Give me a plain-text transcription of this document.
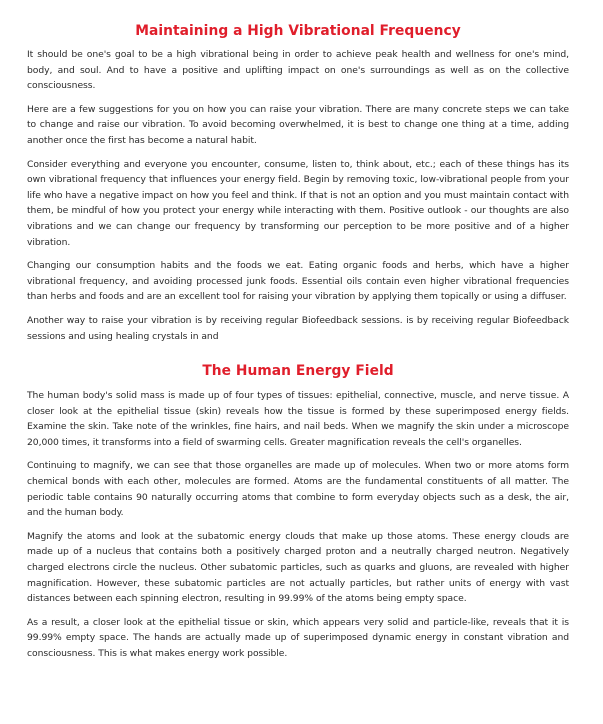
Maintaining a High Vibrational Frequency

It should be one's goal to be a high vibrational being in order to achieve peak health and wellness for one's mind, body, and soul. And to have a positive and uplifting impact on one's surroundings as well as on the collective consciousness.

Here are a few suggestions for you on how you can raise your vibration. There are many concrete steps we can take to change and raise our vibration. To avoid becoming overwhelmed, it is best to change one thing at a time, adding another once the first has become a natural habit.

Consider everything and everyone you encounter, consume, listen to, think about, etc.; each of these things has its own vibrational frequency that influences your energy field. Begin by removing toxic, low-vibrational people from your life who have a negative impact on how you feel and think. If that is not an option and you must maintain contact with them, be mindful of how you protect your energy while interacting with them. Positive outlook - our thoughts are also vibrations and we can change our frequency by transforming our perception to be more positive and of a higher vibration.

Changing our consumption habits and the foods we eat. Eating organic foods and herbs, which have a higher vibrational frequency, and avoiding processed junk foods. Essential oils contain even higher vibrational frequencies than herbs and foods and are an excellent tool for raising your vibration by applying them topically or using a diffuser.

Another way to raise your vibration is by receiving regular Biofeedback sessions. is by receiving regular Biofeedback sessions and using healing crystals in and

The Human Energy Field

The human body's solid mass is made up of four types of tissues: epithelial, connective, muscle, and nerve tissue. A closer look at the epithelial tissue (skin) reveals how the tissue is formed by these superimposed energy fields. Examine the skin. Take note of the wrinkles, fine hairs, and nail beds. When we magnify the skin under a microscope 20,000 times, it transforms into a field of swarming cells. Greater magnification reveals the cell's organelles.

Continuing to magnify, we can see that those organelles are made up of molecules. When two or more atoms form chemical bonds with each other, molecules are formed. Atoms are the fundamental constituents of all matter. The periodic table contains 90 naturally occurring atoms that combine to form everyday objects such as a desk, the air, and the human body.

Magnify the atoms and look at the subatomic energy clouds that make up those atoms. These energy clouds are made up of a nucleus that contains both a positively charged proton and a neutrally charged neutron. Negatively charged electrons circle the nucleus. Other subatomic particles, such as quarks and gluons, are revealed with higher magnification. However, these subatomic particles are not actually particles, but rather units of energy with vast distances between each spinning electron, resulting in 99.99% of the atoms being empty space.

As a result, a closer look at the epithelial tissue or skin, which appears very solid and particle-like, reveals that it is 99.99% empty space. The hands are actually made up of superimposed dynamic energy in constant vibration and consciousness. This is what makes energy work possible.
